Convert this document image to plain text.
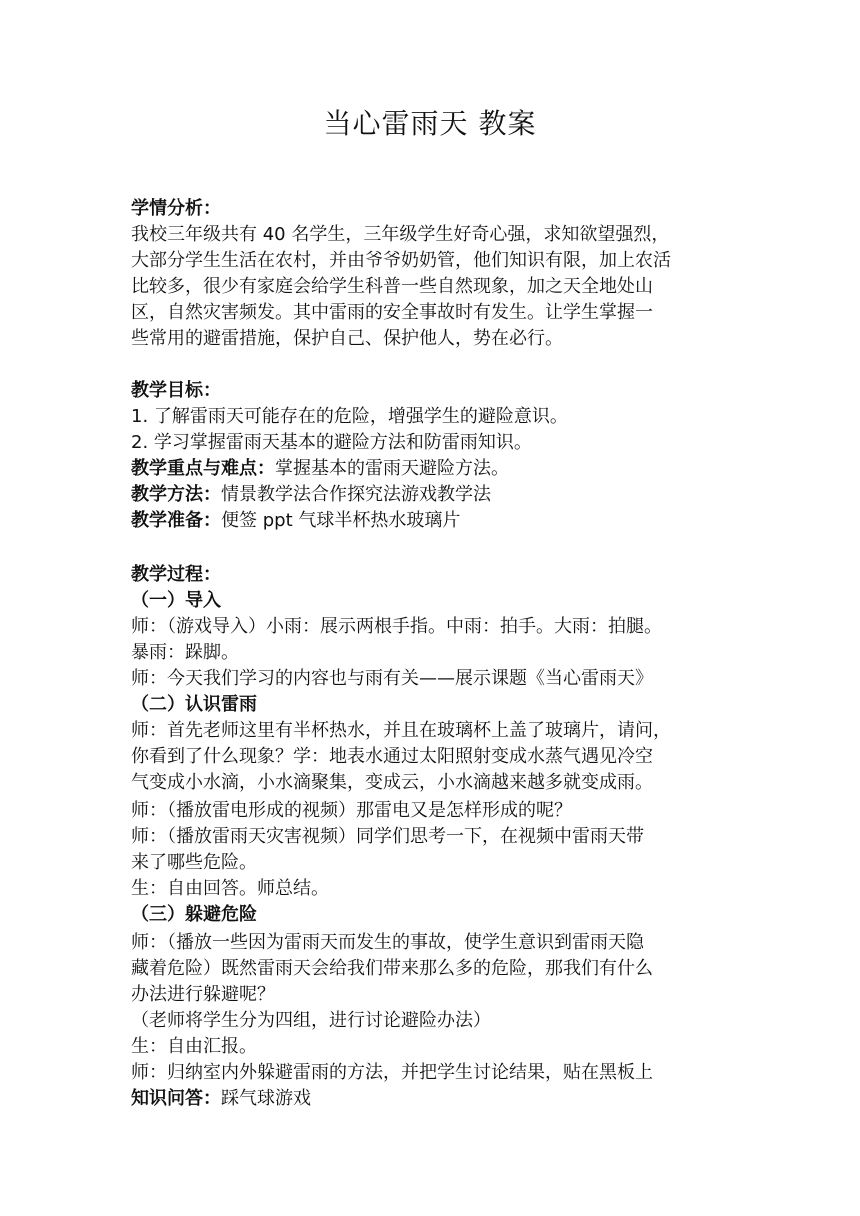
当心雷雨天 教案
学情分析：
我校三年级共有 40 名学生，三年级学生好奇心强，求知欲望强烈，
大部分学生生活在农村，并由爷爷奶奶管，他们知识有限，加上农活
比较多，很少有家庭会给学生科普一些自然现象，加之天全地处山
区，自然灾害频发。其中雷雨的安全事故时有发生。让学生掌握一
些常用的避雷措施，保护自己、保护他人，势在必行。
教学目标：
1. 了解雷雨天可能存在的危险，增强学生的避险意识。
2. 学习掌握雷雨天基本的避险方法和防雷雨知识。
教学重点与难点：掌握基本的雷雨天避险方法。
教学方法：情景教学法合作探究法游戏教学法
教学准备：便签 ppt 气球半杯热水玻璃片
教学过程：
（一）导入
师：（游戏导入）小雨：展示两根手指。中雨：拍手。大雨：拍腿。
暴雨：跺脚。
师：今天我们学习的内容也与雨有关——展示课题《当心雷雨天》
（二）认识雷雨
师：首先老师这里有半杯热水，并且在玻璃杯上盖了玻璃片，请问，
你看到了什么现象？学：地表水通过太阳照射变成水蒸气遇见冷空
气变成小水滴，小水滴聚集，变成云，小水滴越来越多就变成雨。
师：（播放雷电形成的视频）那雷电又是怎样形成的呢？
师：（播放雷雨天灾害视频）同学们思考一下，在视频中雷雨天带
来了哪些危险。
生：自由回答。师总结。
（三）躲避危险
师：（播放一些因为雷雨天而发生的事故，使学生意识到雷雨天隐
藏着危险）既然雷雨天会给我们带来那么多的危险，那我们有什么
办法进行躲避呢？
（老师将学生分为四组，进行讨论避险办法）
生：自由汇报。
师：归纳室内外躲避雷雨的方法，并把学生讨论结果，贴在黑板上
知识问答：踩气球游戏
